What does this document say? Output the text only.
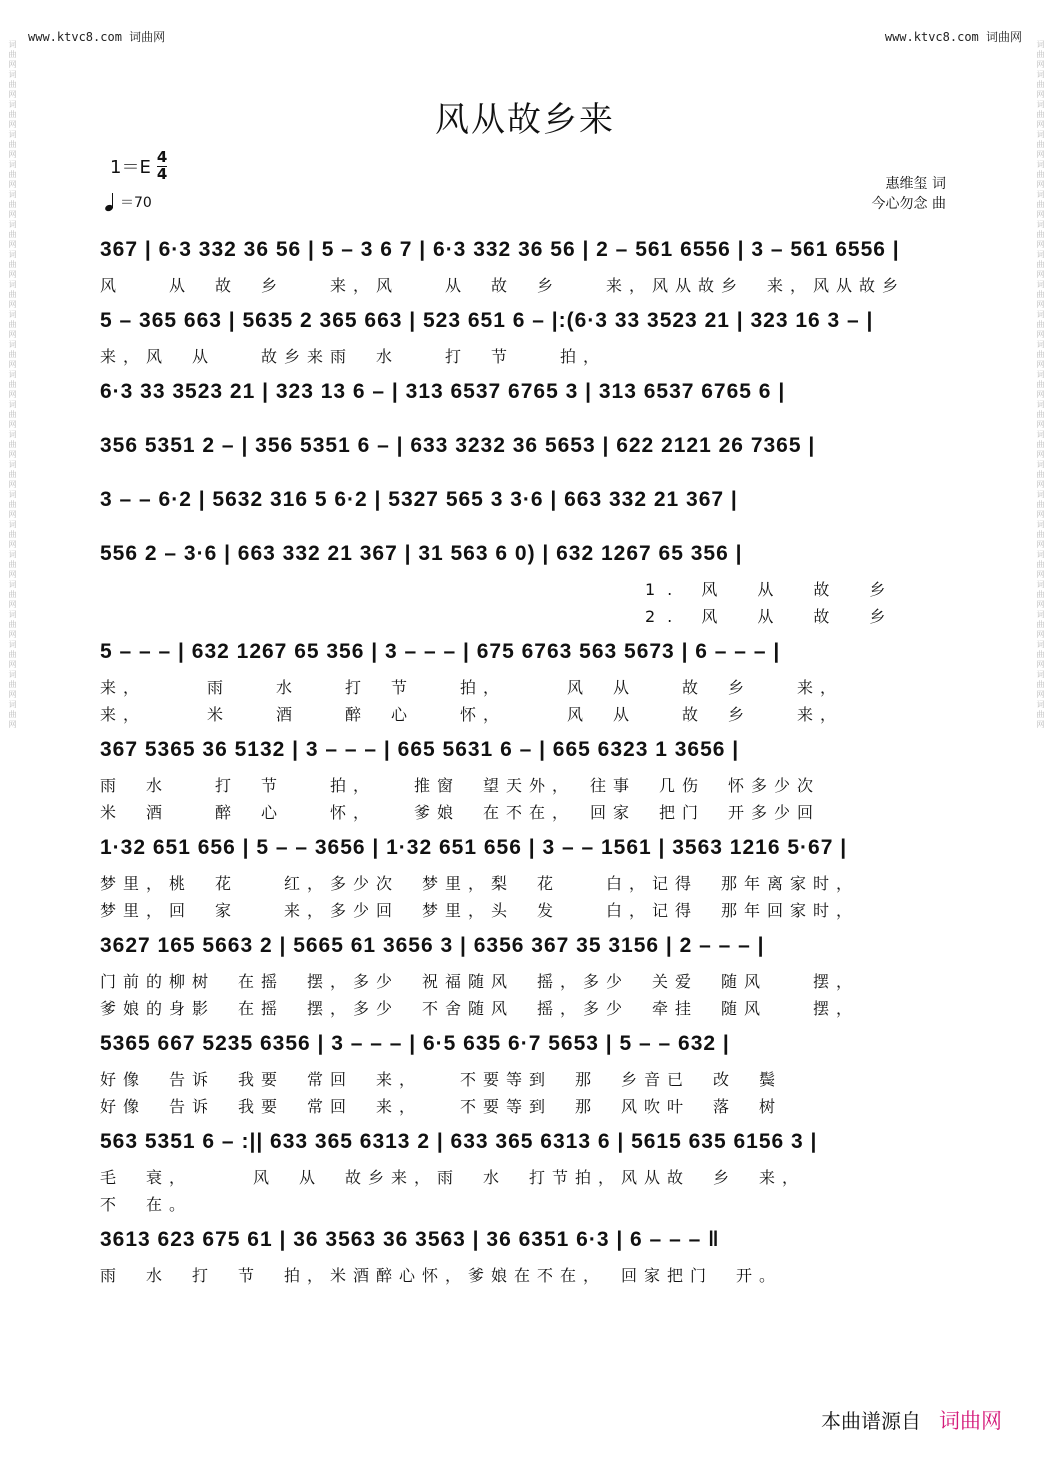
词曲网词曲网词曲网词曲网词曲网词曲网词曲网词曲网词曲网词曲网词曲网词曲网词曲网词曲网词曲网词曲网词曲网词曲网词曲网词曲网词曲网词曲网词曲网	词曲网词曲网词曲网词曲网词曲网词曲网词曲网词曲网词曲网词曲网词曲网词曲网词曲网词曲网词曲网词曲网词曲网词曲网词曲网词曲网词曲网词曲网词曲网
www.ktvc8.com 词曲网	www.ktvc8.com 词曲网
风从故乡来
$1=E \frac{4}{4}$
＝70
惠维玺 词
今心勿念 曲
367 | 6·3 332 36 56 | 5 – 3 6 7 | 6·3 332 36 56 | 2 – 561 6556 | 3 – 561 6556 |
风　　从　故　乡　　来，风　　从　故　乡　　来，风从故乡　来，风从故乡
5 – 365 663 | 5635 2 365 663 | 523 651 6 – |:(6·3 33 3523 21 | 323 16 3 – |
来，风　从　　故乡来雨　水　　打　节　　拍，
6·3 33 3523 21 | 323 13 6 – | 313 6537 6765 3 | 313 6537 6765 6 |
356 5351 2 – | 356 5351 6 – | 633 3232 36 5653 | 622 2121 26 7365 |
3 – – 6·2 | 5632 316 5 6·2 | 5327 565 3 3·6 | 663 332 21 367 |
556 2 – 3·6 | 663 332 21 367 | 31 563 6 0) | 632 1267 65 356 |
1. 风　从　故　乡
2. 风　从　故　乡
5 – – – | 632 1267 65 356 | 3 – – – | 675 6763 563 5673 | 6 – – – |
来，　　　雨　　水　　打　节　　拍，　　　风　从　　故　乡　　来，
来，　　　米　　酒　　醉　心　　怀，　　　风　从　　故　乡　　来，
367 5365 36 5132 | 3 – – – | 665 5631 6 – | 665 6323 1 3656 |
雨　水　　打　节　　拍，　　推窗　望天外，　往事　几伤　怀多少次
米　酒　　醉　心　　怀，　　爹娘　在不在，　回家　把门　开多少回
1·32 651 656 | 5 – – 3656 | 1·32 651 656 | 3 – – 1561 | 3563 1216 5·67 |
梦里，桃　花　　红，多少次　梦里，梨　花　　白，记得　那年离家时，
梦里，回　家　　来，多少回　梦里，头　发　　白，记得　那年回家时，
3627 165 5663 2 | 5665 61 3656 3 | 6356 367 35 3156 | 2 – – – |
门前的柳树　在摇　摆，多少　祝福随风　摇，多少　关爱　随风　　摆，
爹娘的身影　在摇　摆，多少　不舍随风　摇，多少　牵挂　随风　　摆，
5365 667 5235 6356 | 3 – – – | 6·5 635 6·7 5653 | 5 – – 632 |
好像　告诉　我要　常回　来，　　不要等到　那　乡音已　改　鬓
好像　告诉　我要　常回　来，　　不要等到　那　风吹叶　落　树
563 5351 6 – :|| 633 365 6313 2 | 633 365 6313 6 | 5615 635 6156 3 |
毛　衰，　　　风　从　故乡来，雨　水　打节拍，风从故　乡　来，
不　在。
3613 623 675 61 | 36 3563 36 3563 | 36 6351 6·3 | 6 – – – ‖
雨　水　打　节　拍，米酒醉心怀，爹娘在不在，　回家把门　开。
本曲谱源自 词曲网
